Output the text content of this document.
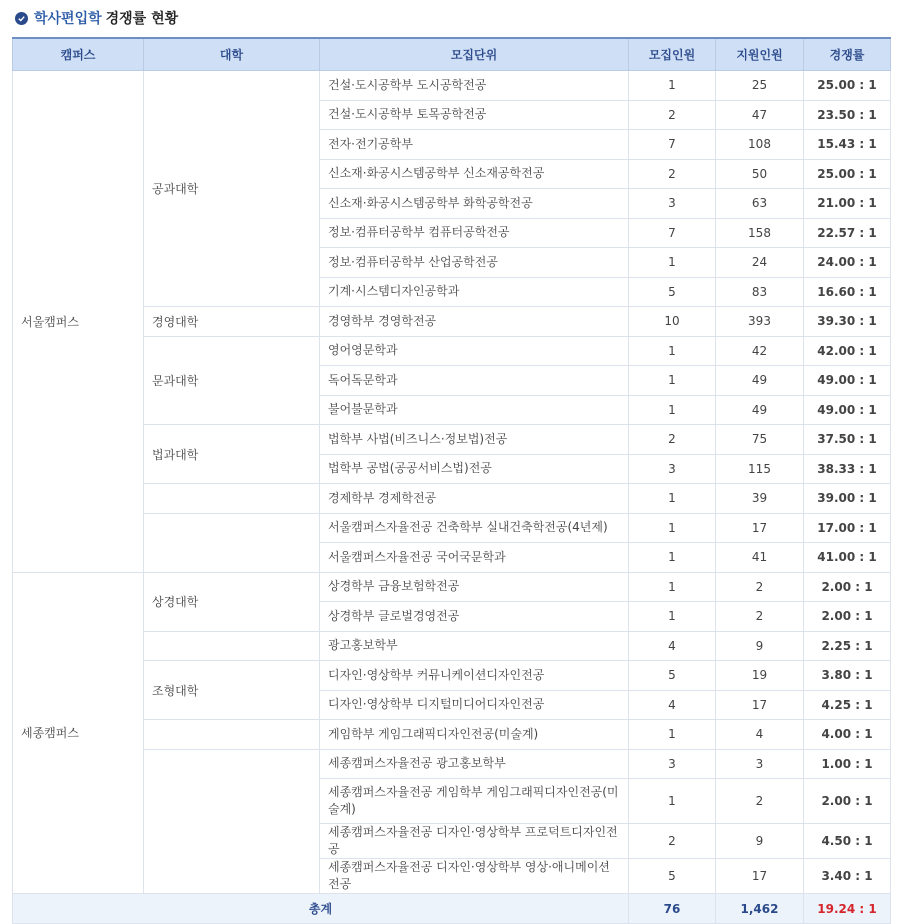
학사편입학 경쟁률 현황
캠퍼스	대학	모집단위	모집인원	지원인원	경쟁률
서울캠퍼스	공과대학	건설·도시공학부 도시공학전공	1	25	25.00 : 1
		건설·도시공학부 토목공학전공	2	47	23.50 : 1
		전자·전기공학부	7	108	15.43 : 1
		신소재·화공시스템공학부 신소재공학전공	2	50	25.00 : 1
		신소재·화공시스템공학부 화학공학전공	3	63	21.00 : 1
		정보·컴퓨터공학부 컴퓨터공학전공	7	158	22.57 : 1
		정보·컴퓨터공학부 산업공학전공	1	24	24.00 : 1
		기계·시스템디자인공학과	5	83	16.60 : 1
	경영대학	경영학부 경영학전공	10	393	39.30 : 1
	문과대학	영어영문학과	1	42	42.00 : 1
		독어독문학과	1	49	49.00 : 1
		불어불문학과	1	49	49.00 : 1
	법과대학	법학부 사법(비즈니스·정보법)전공	2	75	37.50 : 1
		법학부 공법(공공서비스법)전공	3	115	38.33 : 1
		경제학부 경제학전공	1	39	39.00 : 1
		서울캠퍼스자율전공 건축학부 실내건축학전공(4년제)	1	17	17.00 : 1
		서울캠퍼스자율전공 국어국문학과	1	41	41.00 : 1
세종캠퍼스	상경대학	상경학부 금융보험학전공	1	2	2.00 : 1
		상경학부 글로벌경영전공	1	2	2.00 : 1
		광고홍보학부	4	9	2.25 : 1
	조형대학	디자인·영상학부 커뮤니케이션디자인전공	5	19	3.80 : 1
		디자인·영상학부 디지털미디어디자인전공	4	17	4.25 : 1
		게임학부 게임그래픽디자인전공(미술계)	1	4	4.00 : 1
		세종캠퍼스자율전공 광고홍보학부	3	3	1.00 : 1
		세종캠퍼스자율전공 게임학부 게임그래픽디자인전공(미술계)	1	2	2.00 : 1
		세종캠퍼스자율전공 디자인·영상학부 프로덕트디자인전공	2	9	4.50 : 1
		세종캠퍼스자율전공 디자인·영상학부 영상·애니메이션전공	5	17	3.40 : 1
총계			76	1,462	19.24 : 1
